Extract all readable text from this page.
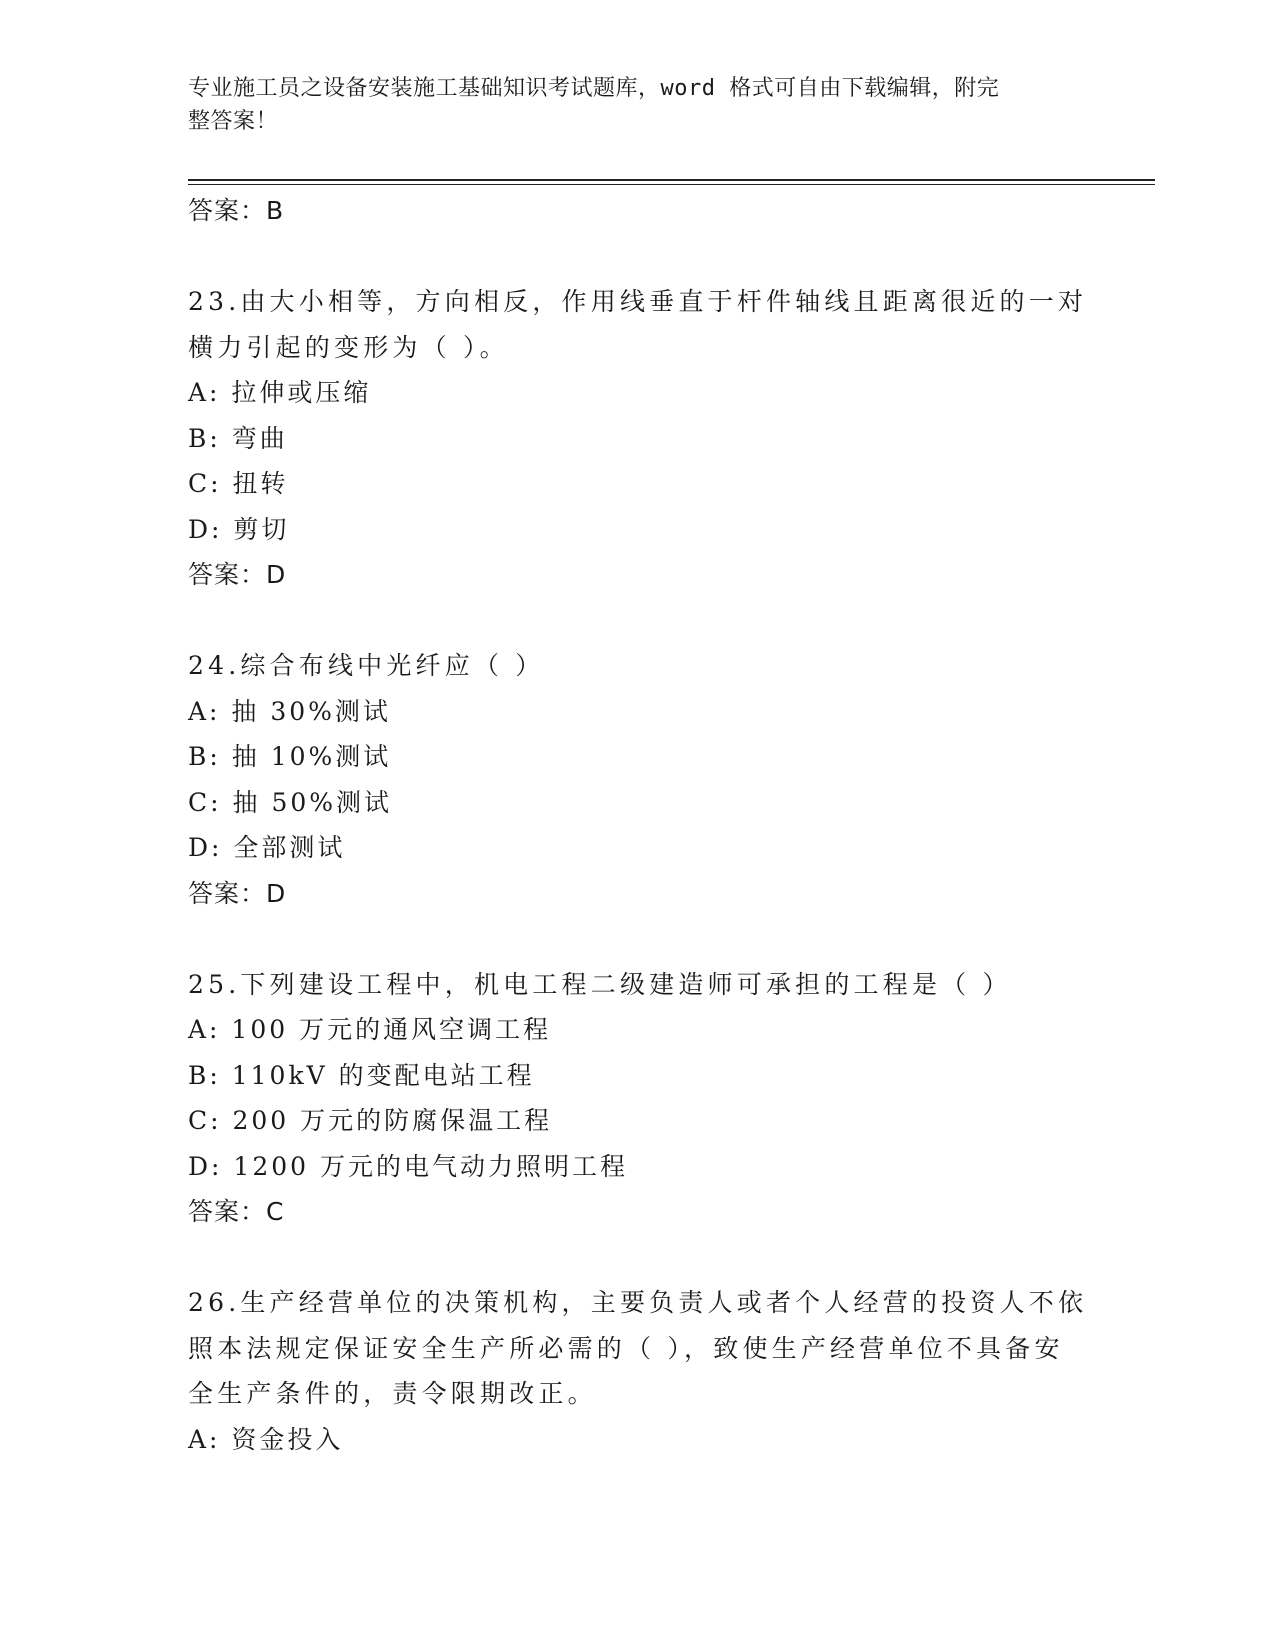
专业施工员之设备安装施工基础知识考试题库，word 格式可自由下载编辑，附完
整答案！
答案：B
23.由大小相等，方向相反，作用线垂直于杆件轴线且距离很近的一对
横力引起的变形为（ ）。
A: 拉伸或压缩
B: 弯曲
C: 扭转
D: 剪切
答案：D
24.综合布线中光纤应（ ）
A: 抽 30%测试
B: 抽 10%测试
C: 抽 50%测试
D: 全部测试
答案：D
25.下列建设工程中，机电工程二级建造师可承担的工程是（ ）
A: 100 万元的通风空调工程
B: 110kV 的变配电站工程
C: 200 万元的防腐保温工程
D: 1200 万元的电气动力照明工程
答案：C
26.生产经营单位的决策机构，主要负责人或者个人经营的投资人不依
照本法规定保证安全生产所必需的（ ），致使生产经营单位不具备安
全生产条件的，责令限期改正。
A: 资金投入
